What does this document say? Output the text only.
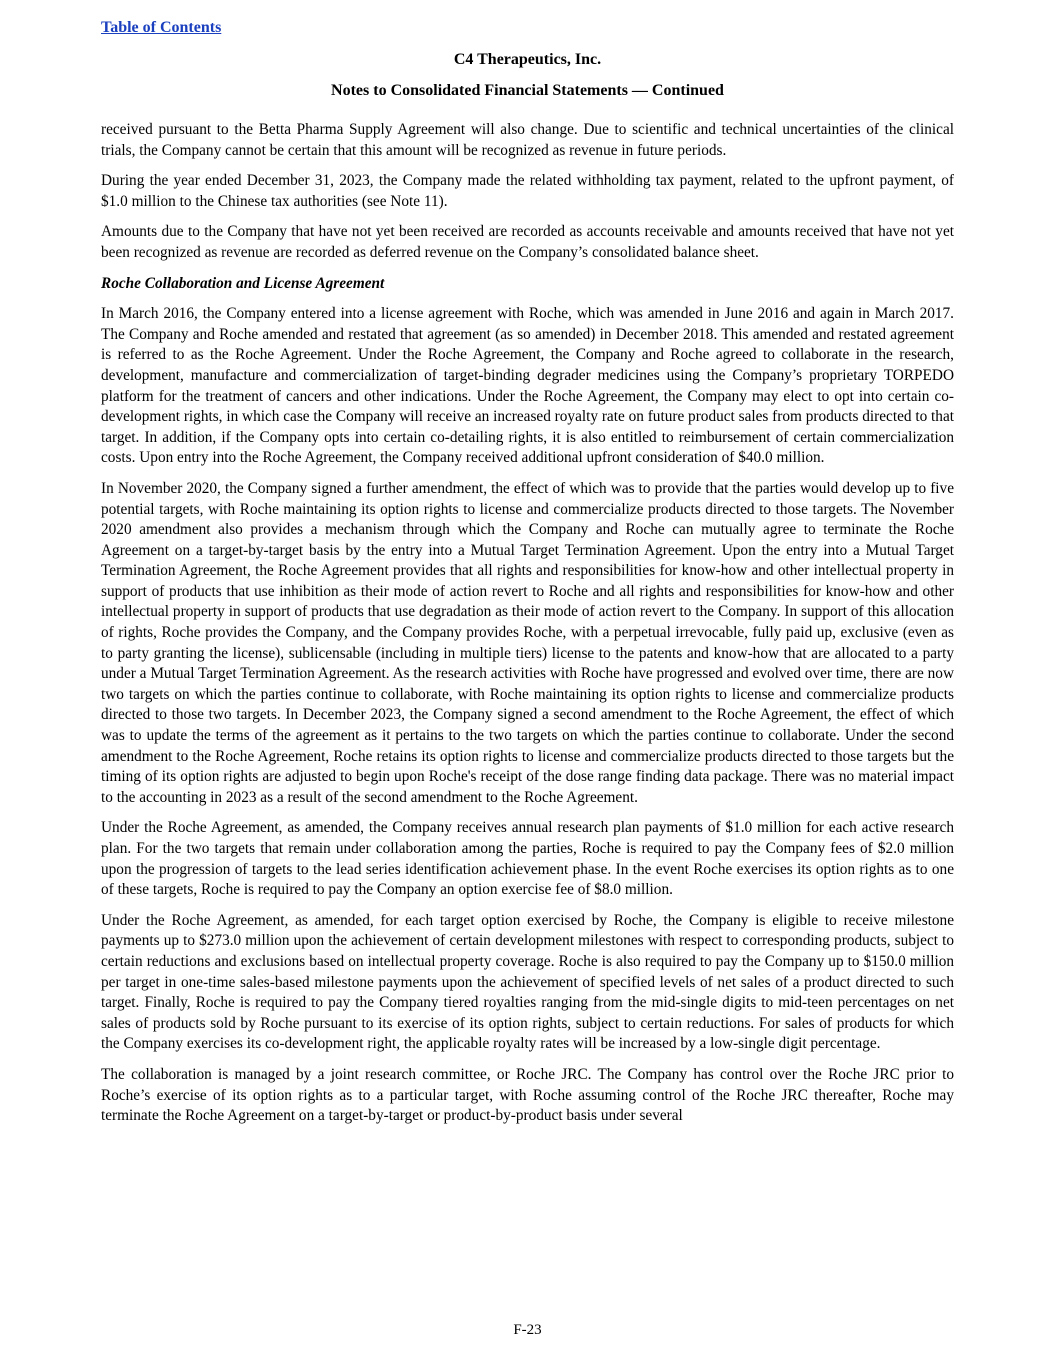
Table of Contents
C4 Therapeutics, Inc.
Notes to Consolidated Financial Statements — Continued

received pursuant to the Betta Pharma Supply Agreement will also change. Due to scientific and technical uncertainties of the clinical trials, the Company cannot be certain that this amount will be recognized as revenue in future periods.

During the year ended December 31, 2023, the Company made the related withholding tax payment, related to the upfront payment, of $1.0 million to the Chinese tax authorities (see Note 11).

Amounts due to the Company that have not yet been received are recorded as accounts receivable and amounts received that have not yet been recognized as revenue are recorded as deferred revenue on the Company’s consolidated balance sheet.

Roche Collaboration and License Agreement

In March 2016, the Company entered into a license agreement with Roche, which was amended in June 2016 and again in March 2017. The Company and Roche amended and restated that agreement (as so amended) in December 2018. This amended and restated agreement is referred to as the Roche Agreement. Under the Roche Agreement, the Company and Roche agreed to collaborate in the research, development, manufacture and commercialization of target-binding degrader medicines using the Company’s proprietary TORPEDO platform for the treatment of cancers and other indications. Under the Roche Agreement, the Company may elect to opt into certain co-development rights, in which case the Company will receive an increased royalty rate on future product sales from products directed to that target. In addition, if the Company opts into certain co-detailing rights, it is also entitled to reimbursement of certain commercialization costs. Upon entry into the Roche Agreement, the Company received additional upfront consideration of $40.0 million.

In November 2020, the Company signed a further amendment, the effect of which was to provide that the parties would develop up to five potential targets, with Roche maintaining its option rights to license and commercialize products directed to those targets. The November 2020 amendment also provides a mechanism through which the Company and Roche can mutually agree to terminate the Roche Agreement on a target-by-target basis by the entry into a Mutual Target Termination Agreement. Upon the entry into a Mutual Target Termination Agreement, the Roche Agreement provides that all rights and responsibilities for know-how and other intellectual property in support of products that use inhibition as their mode of action revert to Roche and all rights and responsibilities for know-how and other intellectual property in support of products that use degradation as their mode of action revert to the Company. In support of this allocation of rights, Roche provides the Company, and the Company provides Roche, with a perpetual irrevocable, fully paid up, exclusive (even as to party granting the license), sublicensable (including in multiple tiers) license to the patents and know-how that are allocated to a party under a Mutual Target Termination Agreement. As the research activities with Roche have progressed and evolved over time, there are now two targets on which the parties continue to collaborate, with Roche maintaining its option rights to license and commercialize products directed to those two targets. In December 2023, the Company signed a second amendment to the Roche Agreement, the effect of which was to update the terms of the agreement as it pertains to the two targets on which the parties continue to collaborate. Under the second amendment to the Roche Agreement, Roche retains its option rights to license and commercialize products directed to those targets but the timing of its option rights are adjusted to begin upon Roche's receipt of the dose range finding data package. There was no material impact to the accounting in 2023 as a result of the second amendment to the Roche Agreement.

Under the Roche Agreement, as amended, the Company receives annual research plan payments of $1.0 million for each active research plan. For the two targets that remain under collaboration among the parties, Roche is required to pay the Company fees of $2.0 million upon the progression of targets to the lead series identification achievement phase. In the event Roche exercises its option rights as to one of these targets, Roche is required to pay the Company an option exercise fee of $8.0 million.

Under the Roche Agreement, as amended, for each target option exercised by Roche, the Company is eligible to receive milestone payments up to $273.0 million upon the achievement of certain development milestones with respect to corresponding products, subject to certain reductions and exclusions based on intellectual property coverage. Roche is also required to pay the Company up to $150.0 million per target in one-time sales-based milestone payments upon the achievement of specified levels of net sales of a product directed to such target. Finally, Roche is required to pay the Company tiered royalties ranging from the mid-single digits to mid-teen percentages on net sales of products sold by Roche pursuant to its exercise of its option rights, subject to certain reductions. For sales of products for which the Company exercises its co-development right, the applicable royalty rates will be increased by a low-single digit percentage.

The collaboration is managed by a joint research committee, or Roche JRC. The Company has control over the Roche JRC prior to Roche’s exercise of its option rights as to a particular target, with Roche assuming control of the Roche JRC thereafter, Roche may terminate the Roche Agreement on a target-by-target or product-by-product basis under several

F-23
